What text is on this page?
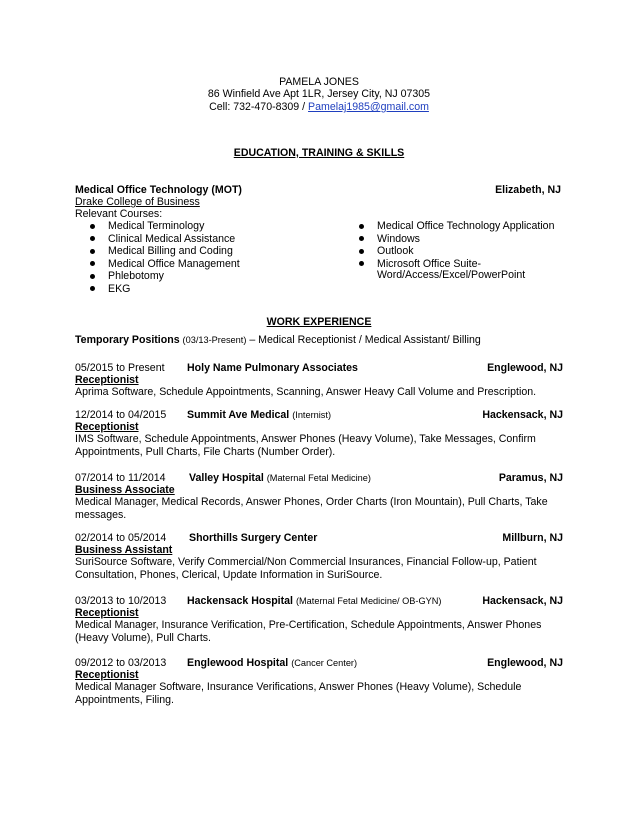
PAMELA JONES
86 Winfield Ave Apt 1LR, Jersey City, NJ 07305
Cell: 732-470-8309 / Pamelaj1985@gmail.com
EDUCATION, TRAINING & SKILLS
Medical Office Technology (MOT)	Elizabeth, NJ
Drake College of Business
Relevant Courses:
Medical Terminology
Clinical Medical Assistance
Medical Billing and Coding
Medical Office Management
Phlebotomy
EKG
Medical Office Technology Application
Windows
Outlook
Microsoft Office Suite-
Word/Access/Excel/PowerPoint
WORK EXPERIENCE
Temporary Positions (03/13-Present) – Medical Receptionist / Medical Assistant/ Billing
05/2015 to Present Holy Name Pulmonary Associates	Englewood, NJ
Receptionist
Aprima Software, Schedule Appointments, Scanning, Answer Heavy Call Volume and Prescription.
12/2014 to 04/2015 Summit Ave Medical (Internist)	Hackensack, NJ
Receptionist
IMS Software, Schedule Appointments, Answer Phones (Heavy Volume), Take Messages, Confirm Appointments, Pull Charts, File Charts (Number Order).
07/2014 to 11/2014 Valley Hospital (Maternal Fetal Medicine)	Paramus, NJ
Business Associate
Medical Manager, Medical Records, Answer Phones, Order Charts (Iron Mountain), Pull Charts, Take messages.
02/2014 to 05/2014 Shorthills Surgery Center	Millburn, NJ
Business Assistant
SuriSource Software, Verify Commercial/Non Commercial Insurances, Financial Follow-up, Patient Consultation, Phones, Clerical, Update Information in SuriSource.
03/2013 to 10/2013 Hackensack Hospital (Maternal Fetal Medicine/ OB-GYN)	Hackensack, NJ
Receptionist
Medical Manager, Insurance Verification, Pre-Certification, Schedule Appointments, Answer Phones (Heavy Volume), Pull Charts.
09/2012 to 03/2013 Englewood Hospital (Cancer Center)	Englewood, NJ
Receptionist
Medical Manager Software, Insurance Verifications, Answer Phones (Heavy Volume), Schedule Appointments, Filing.
